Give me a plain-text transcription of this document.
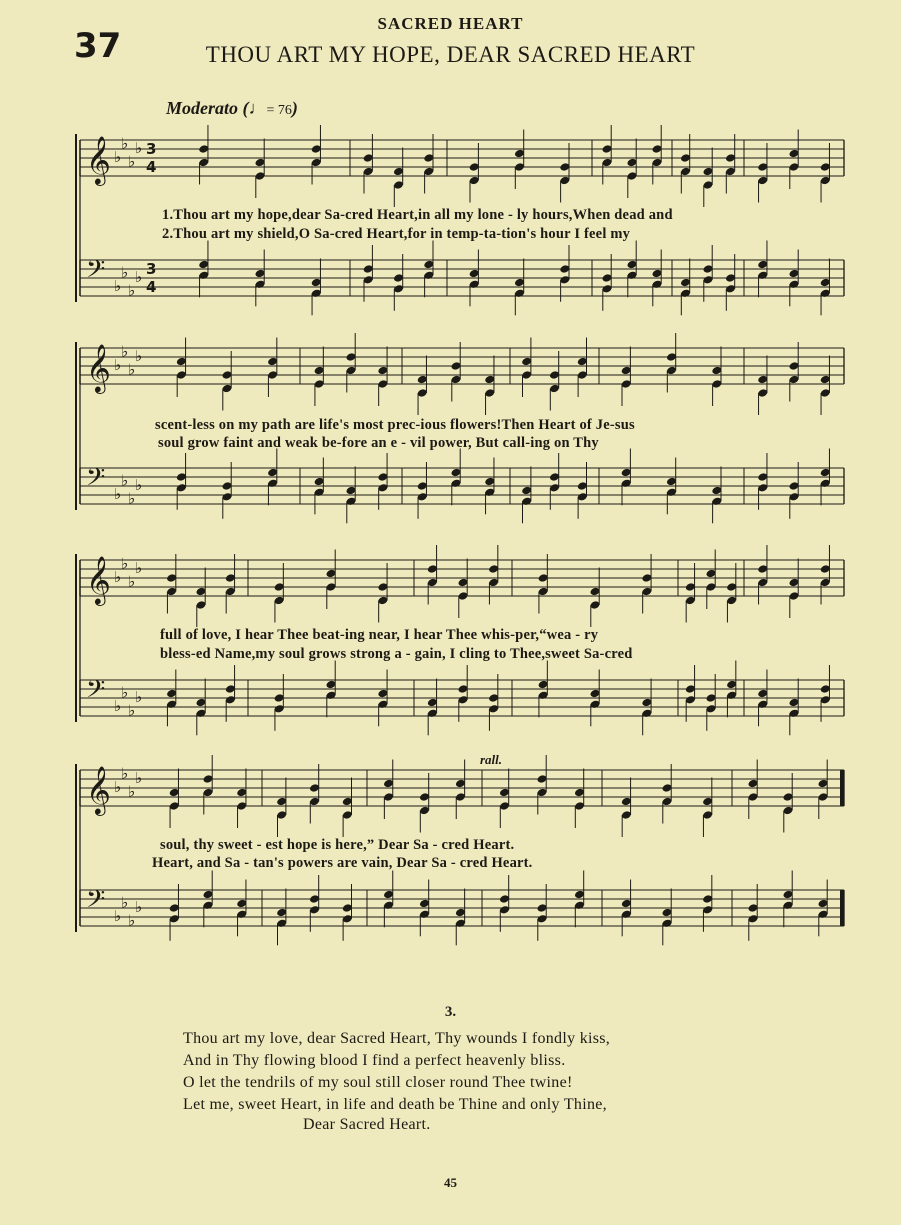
37
SACRED HEART
THOU ART MY HOPE, DEAR SACRED HEART
Moderato (♩= 76)
♭
♭
♭
♭
𝄞 3
4
♭
♭
♭
♭
𝄢	3
4
1.Thou art my hope,dear Sa-cred Heart,in all my lone - ly hours,When dead and
2.Thou art my shield,O Sa-cred Heart,for in temp-ta-tion's hour I feel my
♭
♭
♭
♭
𝄞
♭
♭
♭
♭
𝄢
scent-less on my path are life's most prec-ious flowers!Then Heart of Je-sus
soul grow faint and weak be-fore an e - vil power, But call-ing on Thy
♭
♭
♭
♭
𝄞
♭
♭
♭
♭
𝄢
full of love, I hear Thee beat-ing near, I hear Thee whis-per,“wea - ry
bless-ed Name,my soul grows strong a - gain, I cling to Thee,sweet Sa-cred
♭
♭
♭
♭
𝄞
♭
♭
♭
♭
𝄢
rall.
soul, thy sweet - est hope is here,” Dear Sa - cred Heart.
Heart, and Sa - tan's powers are vain, Dear Sa - cred Heart.
3.
Thou art my love, dear Sacred Heart, Thy wounds I fondly kiss,
And in Thy flowing blood I find a perfect heavenly bliss.
O let the tendrils of my soul still closer round Thee twine!
Let me, sweet Heart, in life and death be Thine and only Thine,
Dear Sacred Heart.
45
